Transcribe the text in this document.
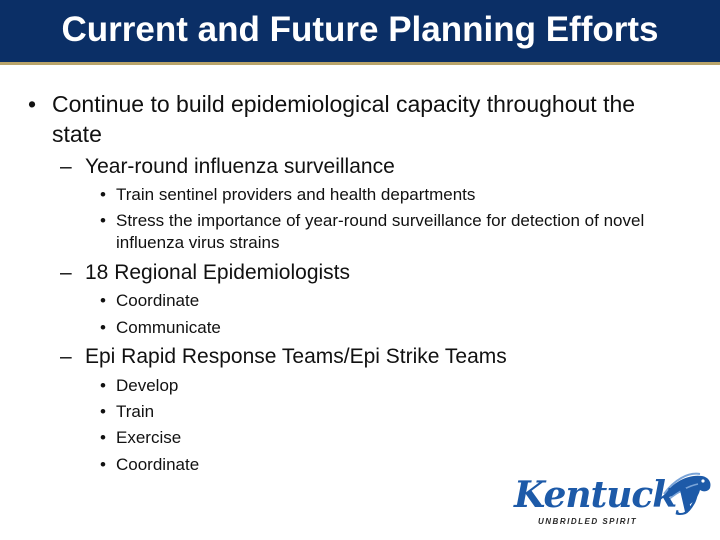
Current and Future Planning Efforts
• Continue to build epidemiological capacity throughout the state
– Year-round influenza surveillance
• Train sentinel providers and health departments
• Stress the importance of year-round surveillance for detection of novel influenza virus strains
– 18 Regional Epidemiologists
• Coordinate
• Communicate
– Epi Rapid Response Teams/Epi Strike Teams
• Develop
• Train
• Exercise
• Coordinate
Kentucky
UNBRIDLED SPIRIT
